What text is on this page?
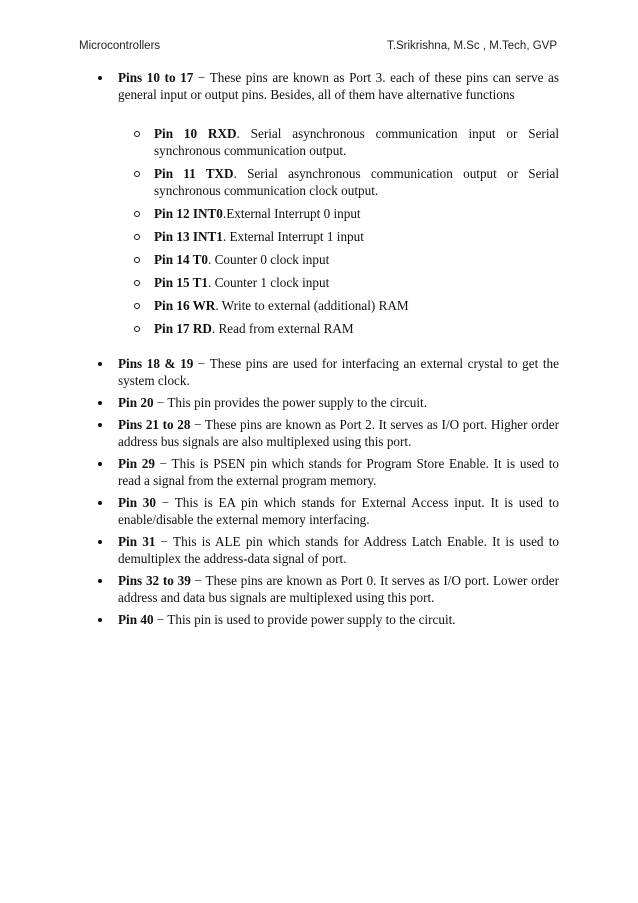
Microcontrollers	T.Srikrishna, M.Sc , M.Tech, GVP
Pins 10 to 17 − These pins are known as Port 3. each of these pins can serve as general input or output pins. Besides, all of them have alternative functions
Pin 10 RXD. Serial asynchronous communication input or Serial synchronous communication output.
Pin 11 TXD. Serial asynchronous communication output or Serial synchronous communication clock output.
Pin 12 INT0.External Interrupt 0 input
Pin 13 INT1. External Interrupt 1 input
Pin 14 T0. Counter 0 clock input
Pin 15 T1. Counter 1 clock input
Pin 16 WR. Write to external (additional) RAM
Pin 17 RD. Read from external RAM
Pins 18 & 19 − These pins are used for interfacing an external crystal to get the system clock.
Pin 20 − This pin provides the power supply to the circuit.
Pins 21 to 28 − These pins are known as Port 2. It serves as I/O port. Higher order address bus signals are also multiplexed using this port.
Pin 29 − This is PSEN pin which stands for Program Store Enable. It is used to read a signal from the external program memory.
Pin 30 − This is EA pin which stands for External Access input. It is used to enable/disable the external memory interfacing.
Pin 31 − This is ALE pin which stands for Address Latch Enable. It is used to demultiplex the address-data signal of port.
Pins 32 to 39 − These pins are known as Port 0. It serves as I/O port. Lower order address and data bus signals are multiplexed using this port.
Pin 40 − This pin is used to provide power supply to the circuit.
